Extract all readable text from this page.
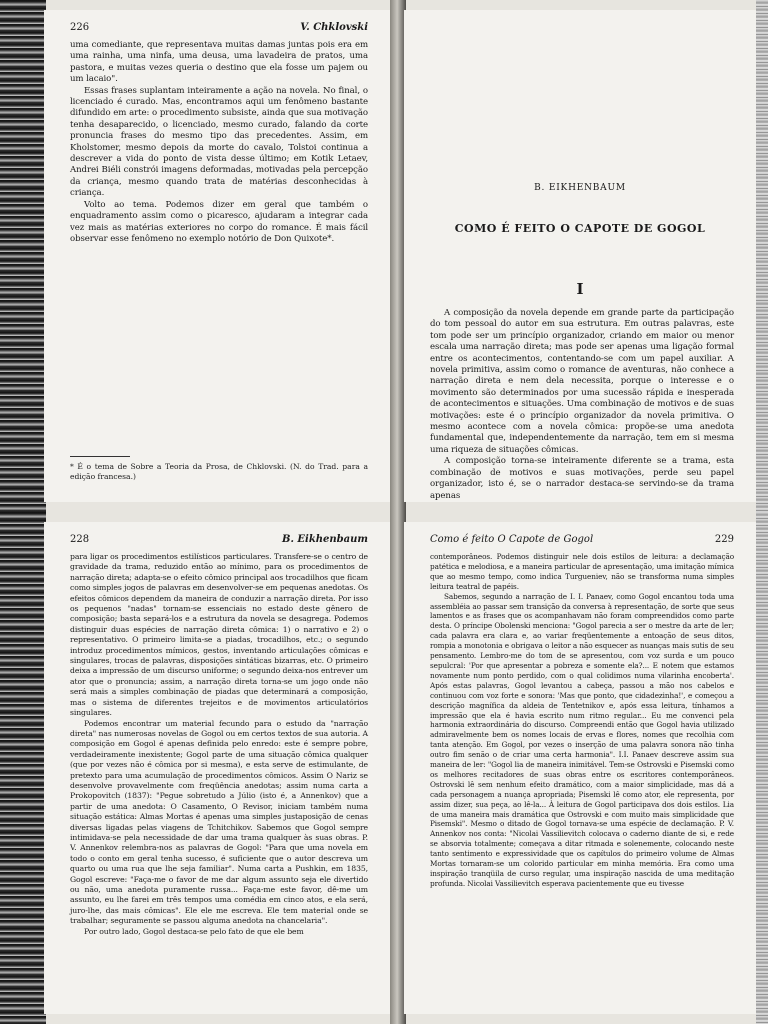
226	V. Chklovski

uma comediante, que representava muitas damas juntas pois era em uma rainha, uma ninfa, uma deusa, uma lavadeira de pratos, uma pastora, e muitas vezes queria o destino que ela fosse um pajem ou um lacaio".

Essas frases suplantam inteiramente a ação na novela. No final, o licenciado é curado. Mas, encontramos aqui um fenômeno bastante difundido em arte: o procedimento subsiste, ainda que sua motivação tenha desaparecido, o licenciado, mesmo curado, falando da corte pronuncia frases do mesmo tipo das precedentes. Assim, em Kholstomer, mesmo depois da morte do cavalo, Tolstoi continua a descrever a vida do ponto de vista desse último; em Kotik Letaev, Andrei Biéli constrói imagens deformadas, motivadas pela percepção da criança, mesmo quando trata de matérias desconhecidas à criança.

Volto ao tema. Podemos dizer em geral que também o enquadramento assim como o picaresco, ajudaram a integrar cada vez mais as matérias exteriores no corpo do romance. É mais fácil observar esse fenômeno no exemplo notório de Don Quixote*.

* É o tema de Sobre a Teoria da Prosa, de Chklovski. (N. do Trad. para a edição francesa.)
B. EIKHENBAUM
COMO É FEITO O CAPOTE DE GOGOL
I

A composição da novela depende em grande parte da participação do tom pessoal do autor em sua estrutura. Em outras palavras, este tom pode ser um princípio organizador, criando em maior ou menor escala uma narração direta; mas pode ser apenas uma ligação formal entre os acontecimentos, contentando-se com um papel auxiliar. A novela primitiva, assim como o romance de aventuras, não conhece a narração direta e nem dela necessita, porque o interesse e o movimento são determinados por uma sucessão rápida e inesperada de acontecimentos e situações. Uma combinação de motivos e de suas motivações: este é o princípio organizador da novela primitiva. O mesmo acontece com a novela cômica: propõe-se uma anedota fundamental que, independentemente da narração, tem em si mesma uma riqueza de situações cômicas.

A composição torna-se inteiramente diferente se a trama, esta combinação de motivos e suas motivações, perde seu papel organizador, isto é, se o narrador destaca-se servindo-se da trama apenas

228	B. Eikhenbaum

para ligar os procedimentos estilísticos particulares. Transfere-se o centro de gravidade da trama, reduzido então ao mínimo, para os procedimentos de narração direta; adapta-se o efeito cômico principal aos trocadilhos que ficam como simples jogos de palavras em desenvolver-se em pequenas anedotas. Os efeitos cômicos dependem da maneira de conduzir a narração direta. Por isso os pequenos "nadas" tornam-se essenciais no estado deste gênero de composição; basta separá-los e a estrutura da novela se desagrega. Podemos distinguir duas espécies de narração direta cômica: 1) o narrativo e 2) o representativo. O primeiro limita-se a piadas, trocadilhos, etc.; o segundo introduz procedimentos mímicos, gestos, inventando articulações cômicas e singulares, trocas de palavras, disposições sintáticas bizarras, etc. O primeiro deixa a impressão de um discurso uniforme; o segundo deixa-nos entrever um ator que o pronuncia; assim, a narração direta torna-se um jogo onde não será mais a simples combinação de piadas que determinará a composição, mas o sistema de diferentes trejeitos e de movimentos articulatórios singulares.

Podemos encontrar um material fecundo para o estudo da "narração direta" nas numerosas novelas de Gogol ou em certos textos de sua autoria. A composição em Gogol é apenas definida pelo enredo: este é sempre pobre, verdadeiramente inexistente; Gogol parte de uma situação cômica qualquer (que por vezes não é cômica por si mesma), e esta serve de estimulante, de pretexto para uma acumulação de procedimentos cômicos. Assim O Nariz se desenvolve provavelmente com freqüência anedotas; assim numa carta a Prokopovitch (1837): "Pegue sobretudo a Júlio (isto é, a Annenkov) que a partir de uma anedota: O Casamento, O Revisor, iniciam também numa situação estática: Almas Mortas é apenas uma simples justaposição de cenas diversas ligadas pelas viagens de Tchitchikov. Sabemos que Gogol sempre intimidava-se pela necessidade de dar uma trama qualquer às suas obras. P. V. Annenkov relembra-nos as palavras de Gogol: "Para que uma novela em todo o conto em geral tenha sucesso, é suficiente que o autor descreva um quarto ou uma rua que lhe seja familiar". Numa carta a Pushkin, em 1835, Gogol escreve: "Faça-me o favor de me dar algum assunto seja ele divertido ou não, uma anedota puramente russa... Faça-me este favor, dê-me um assunto, eu lhe farei em três tempos uma comédia em cinco atos, e ela será, juro-lhe, das mais cômicas". Ele ele me escreva. Ele tem material onde se trabalhar; seguramente se passou alguma anedota na chancelaria".

Por outro lado, Gogol destaca-se pelo fato de que ele bem

Como é feito O Capote de Gogol	229

contemporâneos. Podemos distinguir nele dois estilos de leitura: a declamação patética e melodiosa, e a maneira particular de apresentação, uma imitação mímica que ao mesmo tempo, como indica Turgueniev, não se transforma numa simples leitura teatral de papéis.

Sabemos, segundo a narração de I. I. Panaev, como Gogol encantou toda uma assembléia ao passar sem transição da conversa à representação, de sorte que seus lamentos e as frases que os acompanhavam não foram compreendidos como parte desta. O príncipe Obolenski menciona: "Gogol parecia a ser o mestre da arte de ler; cada palavra era clara e, ao variar freqüentemente a entoação de seus ditos, rompia a monotonia e obrigava o leitor a não esquecer as nuanças mais sutis de seu pensamento. Lembro-me do tom de se apresentou, com voz surda e um pouco sepulcral: 'Por que apresentar a pobreza e somente ela?... E notem que estamos novamente num ponto perdido, com o qual colidimos numa vilarinha encoberta'. Após estas palavras, Gogol levantou a cabeça, passou a mão nos cabelos e continuou com voz forte e sonora: 'Mas que ponto, que cidadezinha!', e começou a descrição magnífica da aldeia de Tentetnikov e, após essa leitura, tínhamos a impressão que ela é havia escrito num ritmo regular... Eu me convenci pela harmonia extraordinária do discurso. Compreendi então que Gogol havia utilizado admiravelmente bem os nomes locais de ervas e flores, nomes que recolhia com tanta atenção. Em Gogol, por vezes o inserção de uma palavra sonora não tinha outro fim senão o de criar uma certa harmonia". I.I. Panaev descreve assim sua maneira de ler: "Gogol lia de maneira inimitável. Tem-se Ostrovski e Pisemski como os melhores recitadores de suas obras entre os escritores contemporâneos. Ostrovski lê sem nenhum efeito dramático, com a maior simplicidade, mas dá a cada personagem a nuança apropriada; Pisemski lê como ator, ele representa, por assim dizer, sua peça, ao lê-la... À leitura de Gogol participava dos dois estilos. Lia de uma maneira mais dramática que Ostrovski e com muito mais simplicidade que Pisemski". Mesmo o ditado de Gogol tornava-se uma espécie de declamação. P. V. Annenkov nos conta: "Nicolai Vassilievitch colocava o caderno diante de si, e rede se absorvia totalmente; começava a ditar ritmada e solenemente, colocando neste tanto sentimento e expressividade que os capítulos do primeiro volume de Almas Mortas tornaram-se um colorido particular em minha memória. Era como uma inspiração tranqüila de curso regular, uma inspiração nascida de uma meditação profunda. Nicolai Vassilievitch esperava pacientemente que eu tivesse
